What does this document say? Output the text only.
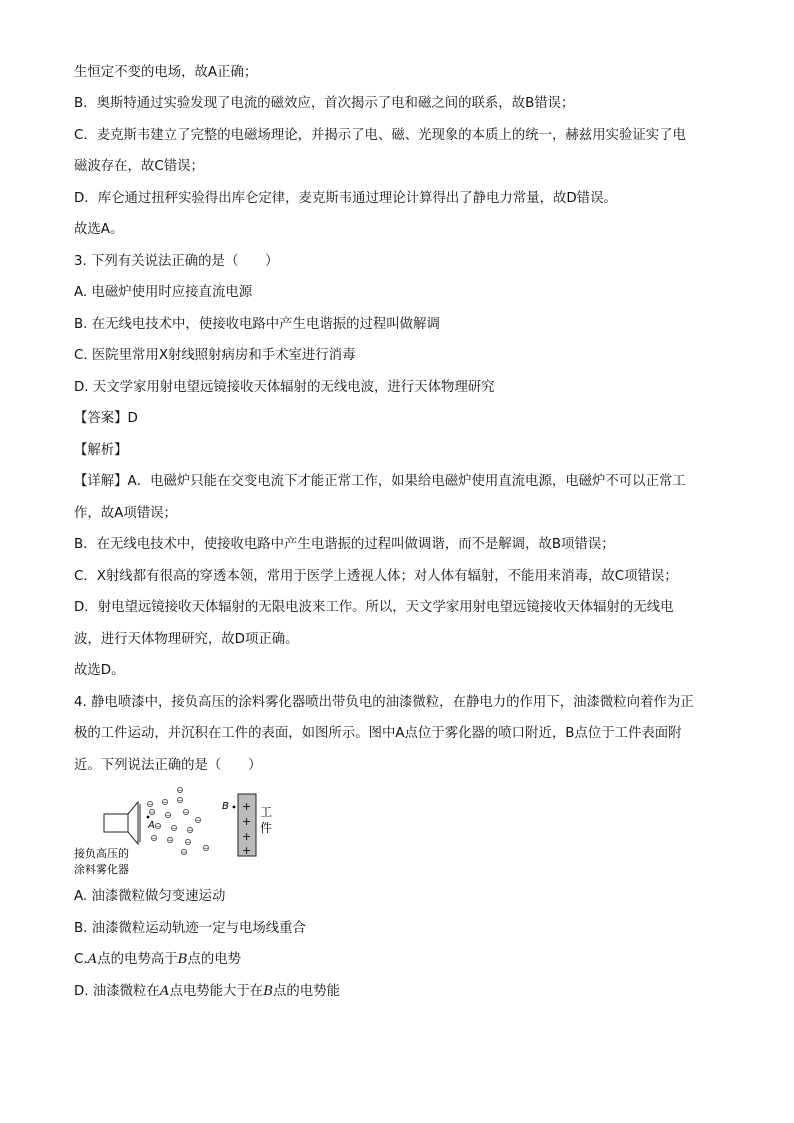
生恒定不变的电场，故A正确；
B．奥斯特通过实验发现了电流的磁效应，首次揭示了电和磁之间的联系，故B错误；
C．麦克斯韦建立了完整的电磁场理论，并揭示了电、磁、光现象的本质上的统一，赫兹用实验证实了电
磁波存在，故C错误；
D．库仑通过扭秤实验得出库仑定律，麦克斯韦通过理论计算得出了静电力常量，故D错误。
故选A。
3. 下列有关说法正确的是（　　）
A. 电磁炉使用时应接直流电源
B. 在无线电技术中，使接收电路中产生电谐振的过程叫做解调
C. 医院里常用X射线照射病房和手术室进行消毒
D. 天文学家用射电望远镜接收天体辐射的无线电波，进行天体物理研究
【答案】D
【解析】
【详解】A．电磁炉只能在交变电流下才能正常工作，如果给电磁炉使用直流电源，电磁炉不可以正常工
作，故A项错误；
B．在无线电技术中，使接收电路中产生电谐振的过程叫做调谐，而不是解调，故B项错误；
C．X射线都有很高的穿透本领，常用于医学上透视人体；对人体有辐射，不能用来消毒，故C项错误；
D．射电望远镜接收天体辐射的无限电波来工作。所以，天文学家用射电望远镜接收天体辐射的无线电
波，进行天体物理研究，故D项正确。
故选D。
4. 静电喷漆中，接负高压的涂料雾化器喷出带负电的油漆微粒，在静电力的作用下，油漆微粒向着作为正
极的工件运动，并沉积在工件的表面，如图所示。图中A点位于雾化器的喷口附近，B点位于工件表面附
近。下列说法正确的是（　　）
A
−
−
− −
− − −
−
− − −
− − −
−
−
B +
+
+
+
工
件
接负高压的
涂料雾化器
A. 油漆微粒做匀变速运动
B. 油漆微粒运动轨迹一定与电场线重合
C.A点的电势高于B点的电势
D. 油漆微粒在A点电势能大于在B点的电势能
